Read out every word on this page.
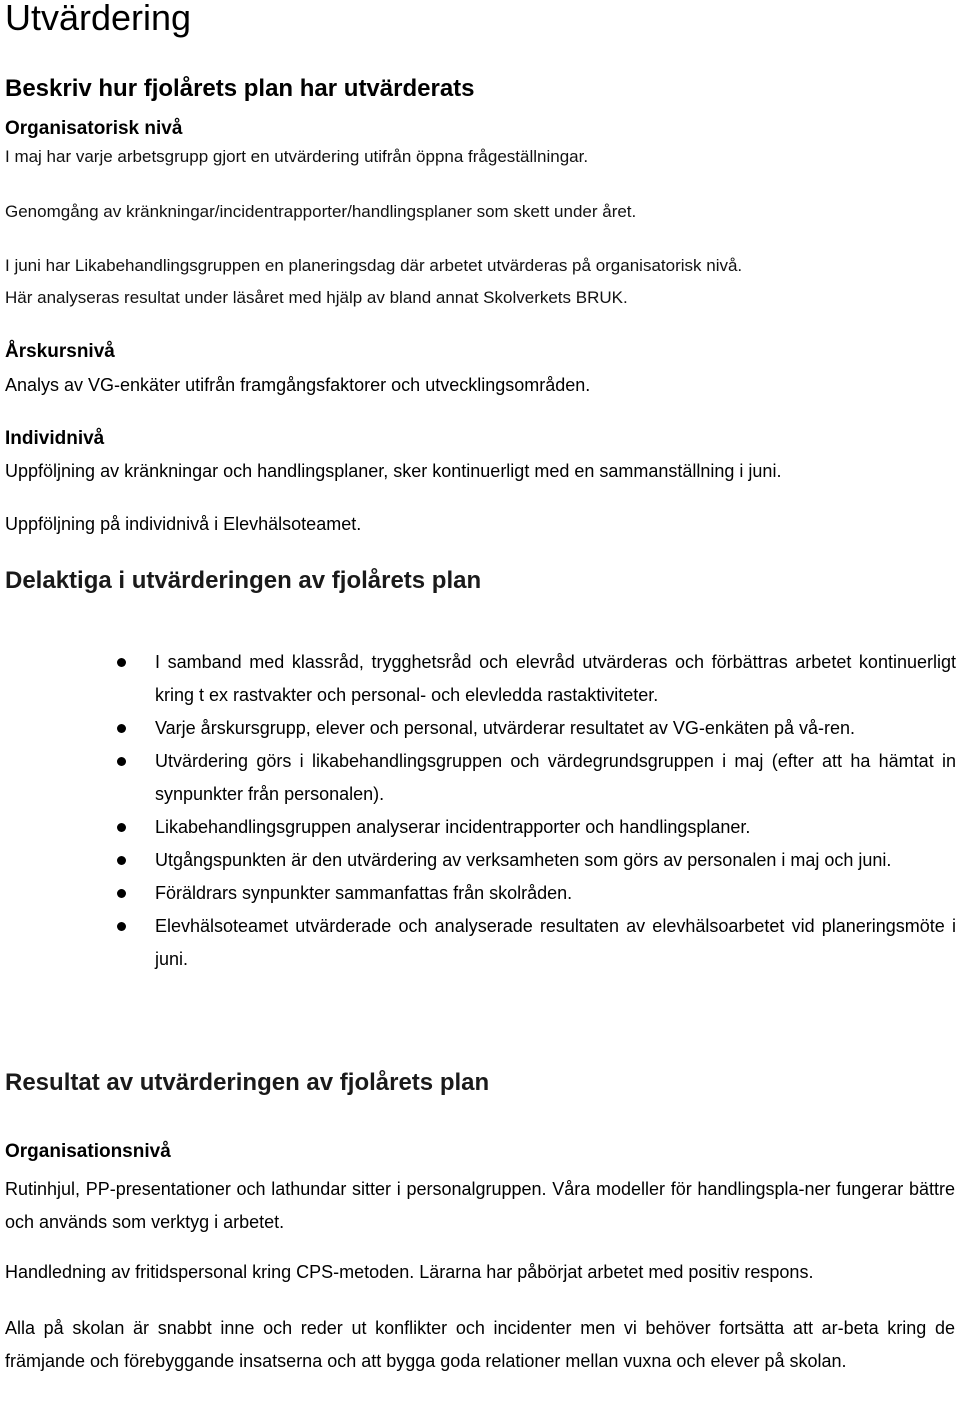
Utvärdering
Beskriv hur fjolårets plan har utvärderats
Organisatorisk nivå
I maj har varje arbetsgrupp gjort en utvärdering utifrån öppna frågeställningar.
Genomgång av kränkningar/incidentrapporter/handlingsplaner som skett under året.
I juni har Likabehandlingsgruppen en planeringsdag där arbetet utvärderas på organisatorisk nivå.
Här analyseras resultat under läsåret med hjälp av bland annat Skolverkets BRUK.
Årskursnivå
Analys av VG-enkäter utifrån framgångsfaktorer och utvecklingsområden.
Individnivå
Uppföljning av kränkningar och handlingsplaner, sker kontinuerligt med en sammanställning i juni.
Uppföljning på individnivå i Elevhälsoteamet.
Delaktiga i utvärderingen av fjolårets plan
I samband med klassråd, trygghetsråd och elevråd utvärderas och förbättras arbetet kontinuerligt kring t ex rastvakter och personal- och elevledda rastaktiviteter.
Varje årskursgrupp, elever och personal, utvärderar resultatet av VG-enkäten på vå-ren.
Utvärdering görs i likabehandlingsgruppen och värdegrundsgruppen i maj (efter att ha hämtat in synpunkter från personalen).
Likabehandlingsgruppen analyserar incidentrapporter och handlingsplaner.
Utgångspunkten är den utvärdering av verksamheten som görs av personalen i maj och juni.
Föräldrars synpunkter sammanfattas från skolråden.
Elevhälsoteamet utvärderade och analyserade resultaten av elevhälsoarbetet vid planeringsmöte i juni.
Resultat av utvärderingen av fjolårets plan
Organisationsnivå
Rutinhjul, PP-presentationer och lathundar sitter i personalgruppen. Våra modeller för handlingspla-ner fungerar bättre och används som verktyg i arbetet.
Handledning av fritidspersonal kring CPS-metoden. Lärarna har påbörjat arbetet med positiv respons.
Alla på skolan är snabbt inne och reder ut konflikter och incidenter men vi behöver fortsätta att ar-beta kring de främjande och förebyggande insatserna och att bygga goda relationer mellan vuxna och elever på skolan.
